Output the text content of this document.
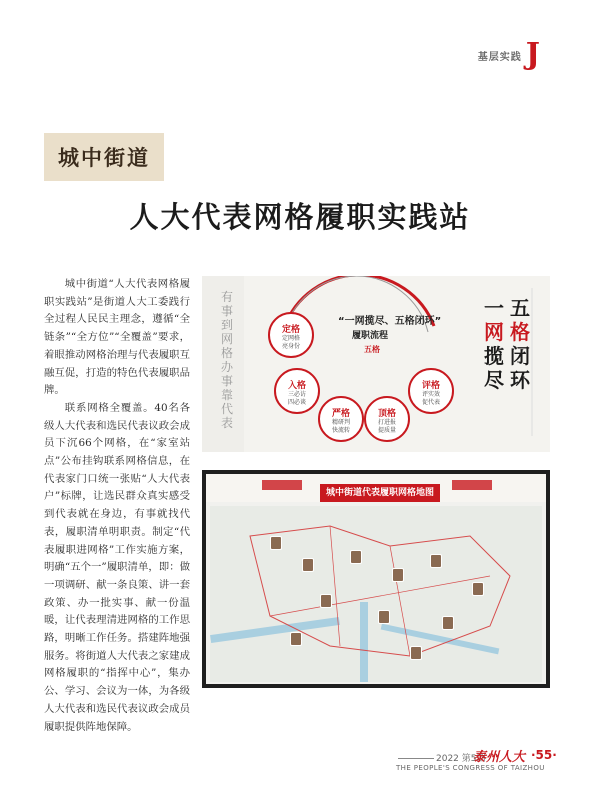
基层实践 J
城中街道
人大代表网格履职实践站

城中街道“人大代表网格履职实践站”是街道人大工委践行全过程人民民主理念，遵循“全链条”“全方位”“全覆盖”要求，着眼推动网格治理与代表履职互融互促，打造的特色代表履职品牌。

联系网格全覆盖。40名各级人大代表和选民代表议政会成员下沉66个网格，在“家室站点”公布挂钩联系网格信息，在代表家门口统一张贴“人大代表户”标牌，让选民群众真实感受到代表就在身边，有事就找代表，履职清单明职责。制定“代表履职进网格”工作实施方案，明确“五个一”履职清单，即：做一项调研、献一条良策、讲一套政策、办一批实事、献一份温暖，让代表理清进网格的工作思路，明晰工作任务。搭建阵地强服务。将街道人大代表之家建成网格履职的“指挥中心”，集办公、学习、会议为一体，为各级人大代表和选民代表议政会成员履职提供阵地保障。

有事到网格 办事靠代表
“一网揽尽、五格闭环”
履职流程
五格
一
网
揽
尽
五
格
闭
环
定格
定网格
亮身份
入格
三必访
四必谈
严格
精研判
快流转
顶格
打进报
提质量
评格
评实效
促代表
城中街道代表履职网格地图
2022 第5期
泰州人大 ·55·
THE PEOPLE'S CONGRESS OF TAIZHOU
